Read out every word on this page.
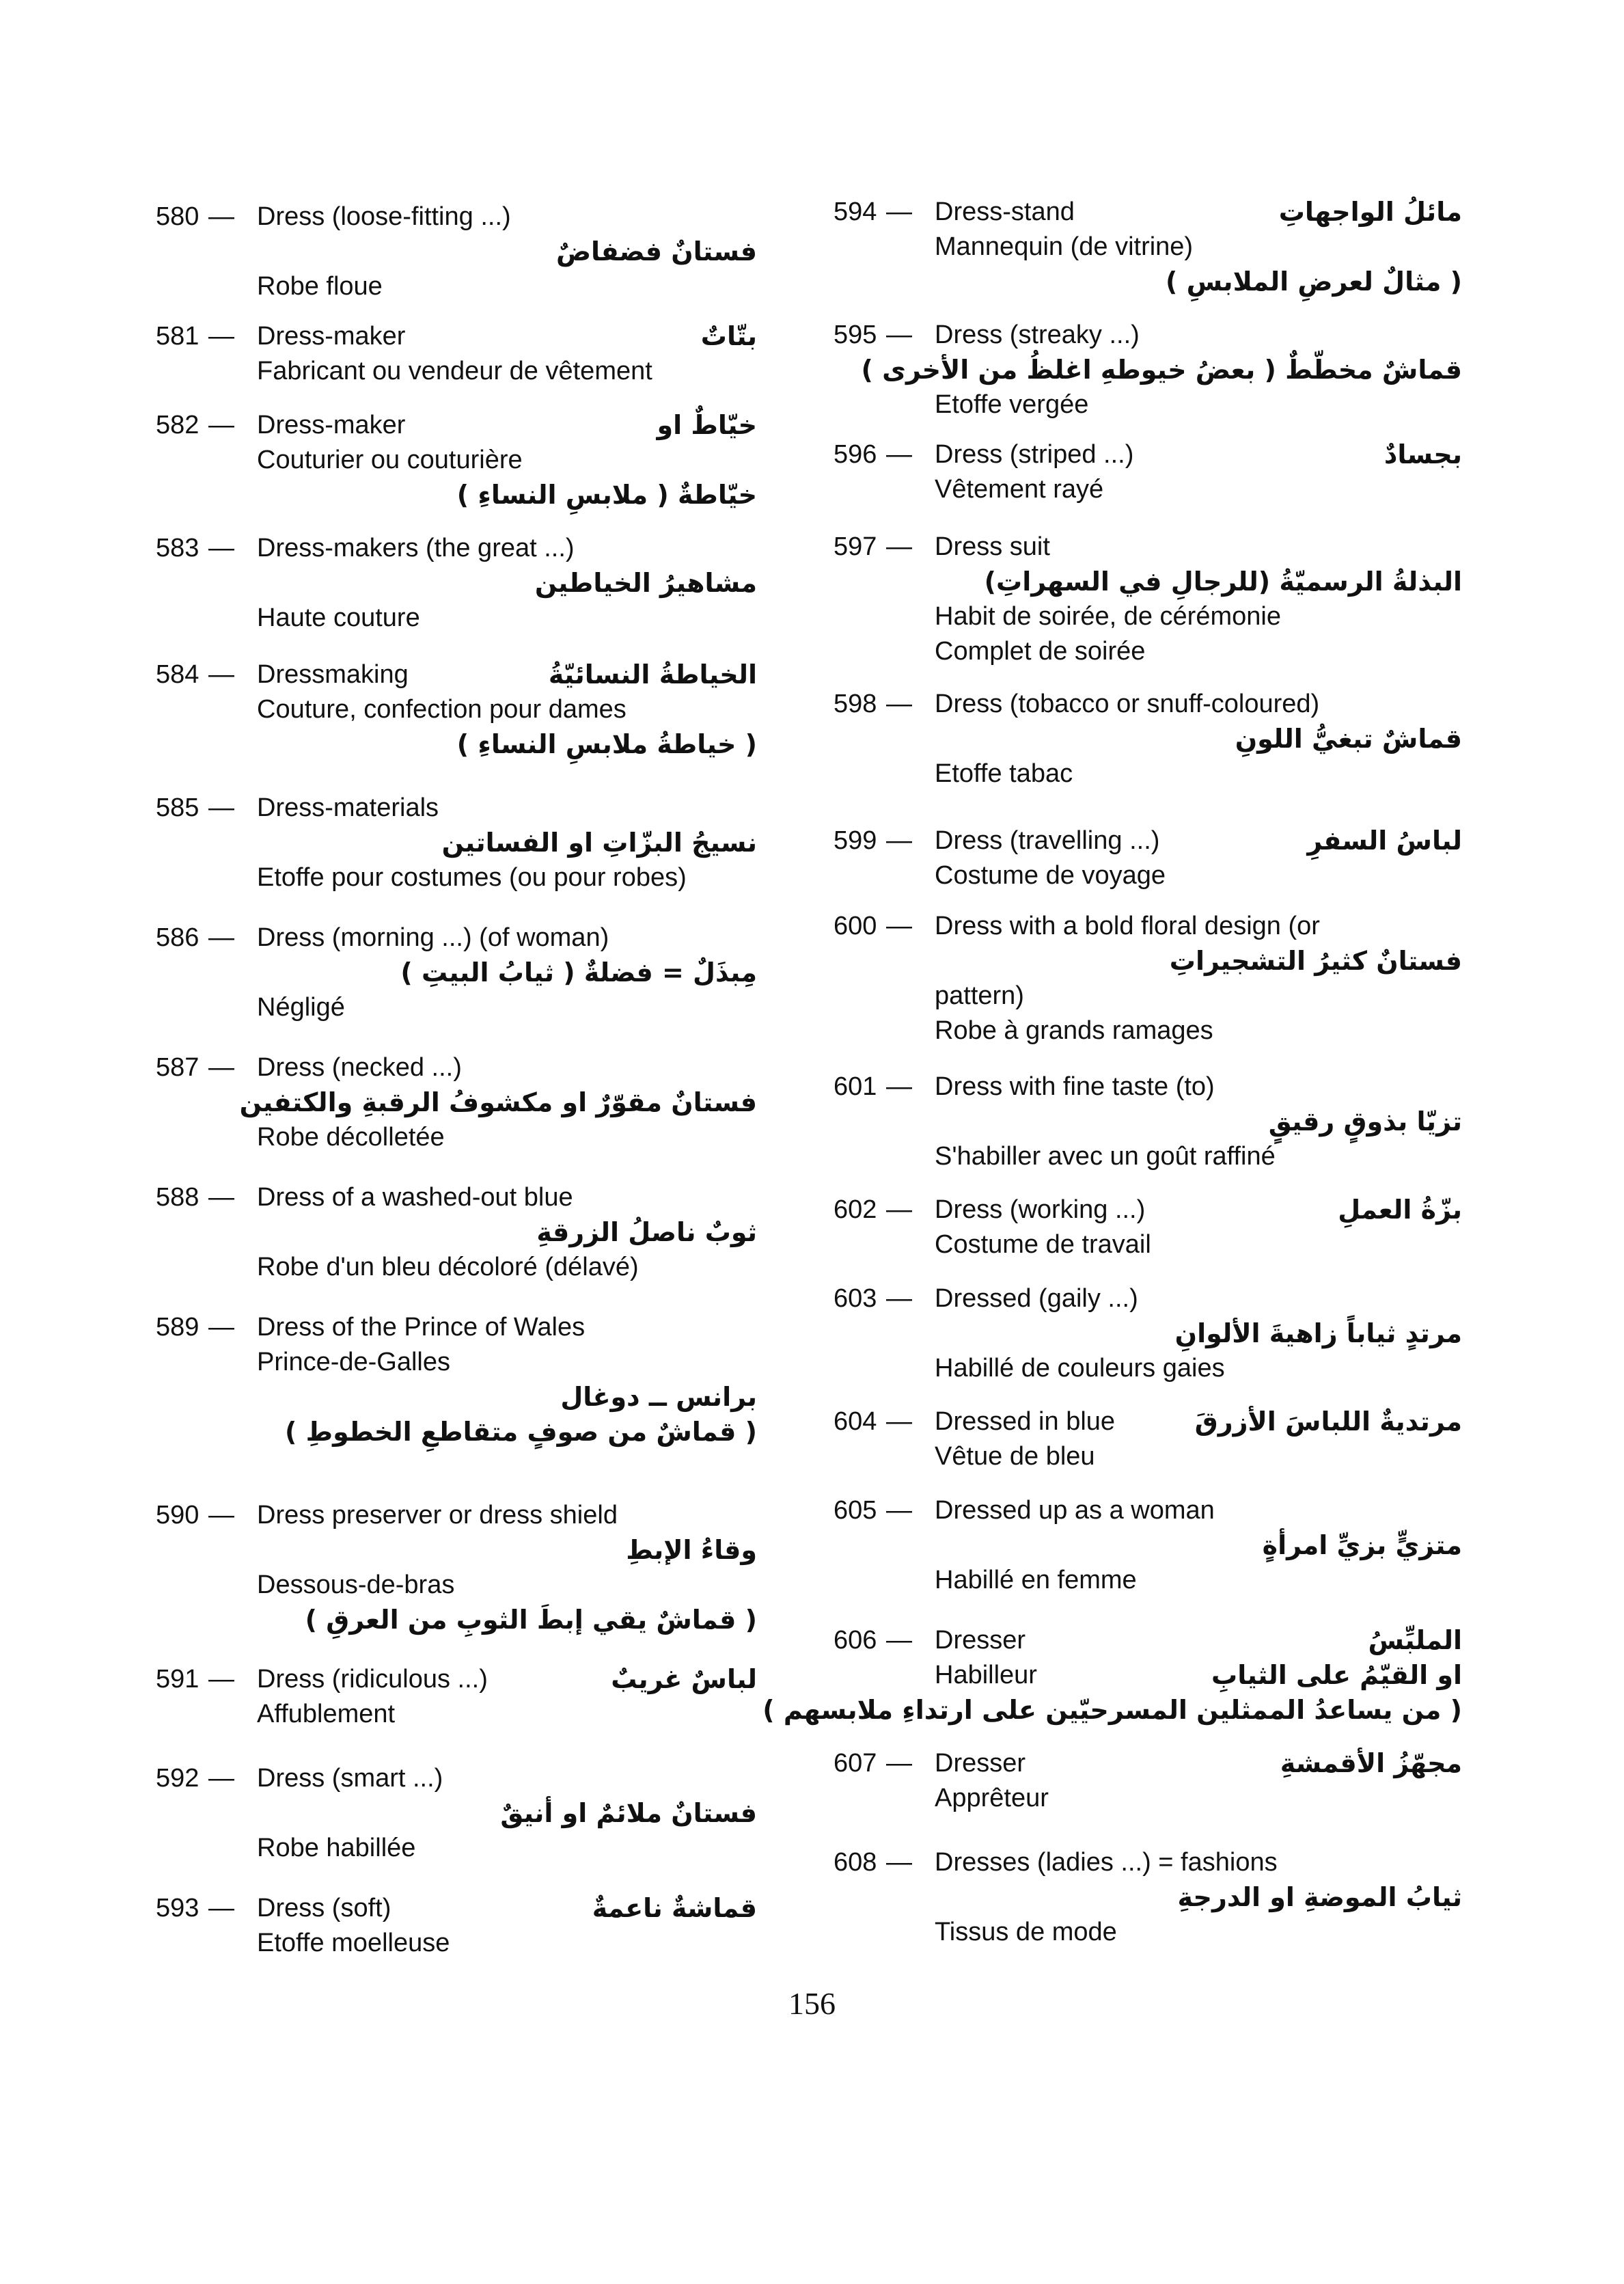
580 — Dress (loose-fitting ...)
فستانٌ فضفاضٌ
Robe floue
581 — Dress-maker	بتّاتٌ
Fabricant ou vendeur de vêtement
582 — Dress-maker	خيّاطٌ او
Couturier ou couturière
خيّاطةٌ ( ملابسِ النساءِ )
583 — Dress-makers (the great ...)
مشاهيرُ الخياطين
Haute couture
584 — Dressmaking	الخياطةُ النسائيّةُ
Couture, confection pour dames
( خياطةُ ملابسِ النساءِ )
585 — Dress-materials
نسيجُ البزّاتِ او الفساتين
Etoffe pour costumes (ou pour robes)
586 — Dress (morning ...) (of woman)
مِبذَلٌ = فضلةٌ ( ثيابُ البيتِ )
Négligé
587 — Dress (necked ...)
فستانٌ مقوّرٌ او مكشوفُ الرقبةِ والكتفين
Robe décolletée
588 — Dress of a washed-out blue
ثوبٌ ناصلُ الزرقةِ
Robe d'un bleu décoloré (délavé)
589 — Dress of the Prince of Wales
Prince-de-Galles
برانس ــ دوغال
( قماشٌ من صوفٍ متقاطعِ الخطوطِ )
590 — Dress preserver or dress shield
وقاءُ الإبطِ
Dessous-de-bras
( قماشٌ يقي إبطَ الثوبِ من العرقِ )
591 — Dress (ridiculous ...)	لباسٌ غريبٌ
Affublement
592 — Dress (smart ...)
فستانٌ ملائمٌ او أنيقٌ
Robe habillée
593 — Dress (soft)	قماشةٌ ناعمةٌ
Etoffe moelleuse
594 — Dress-stand	مائلُ الواجهاتِ
Mannequin (de vitrine)
( مثالٌ لعرضِ الملابسِ )
595 — Dress (streaky ...)
قماشٌ مخطّطٌ ( بعضُ خيوطهِ اغلظُ من الأخرى )
Etoffe vergée
596 — Dress (striped ...)	بجسادٌ
Vêtement rayé
597 — Dress suit
البذلةُ الرسميّةُ (للرجالِ في السهراتِ)
Habit de soirée, de cérémonie
Complet de soirée
598 — Dress (tobacco or snuff-coloured)
قماشٌ تبغيُّ اللونِ
Etoffe tabac
599 — Dress (travelling ...)	لباسُ السفرِ
Costume de voyage
600 — Dress with a bold floral design (or
فستانٌ كثيرُ التشجيراتِ
pattern)
Robe à grands ramages
601 — Dress with fine taste (to)
تزيّا بذوقٍ رقيقٍ
S'habiller avec un goût raffiné
602 — Dress (working ...)	بزّةُ العملِ
Costume de travail
603 — Dressed (gaily ...)
مرتدٍ ثياباً زاهيةَ الألوانِ
Habillé de couleurs gaies
604 — Dressed in blue	مرتديةٌ اللباسَ الأزرقَ
Vêtue de bleu
605 — Dressed up as a woman
متزيٍّ بزيِّ امرأةٍ
Habillé en femme
606 — Dresser	الملبِّسُ
Habilleur	او القيّمُ على الثيابِ
( من يساعدُ الممثلين المسرحيّين على ارتداءِ ملابسهم )
607 — Dresser	مجهّزُ الأقمشةِ
Apprêteur
608 — Dresses (ladies ...) = fashions
ثيابُ الموضةِ او الدرجةِ
Tissus de mode
156
